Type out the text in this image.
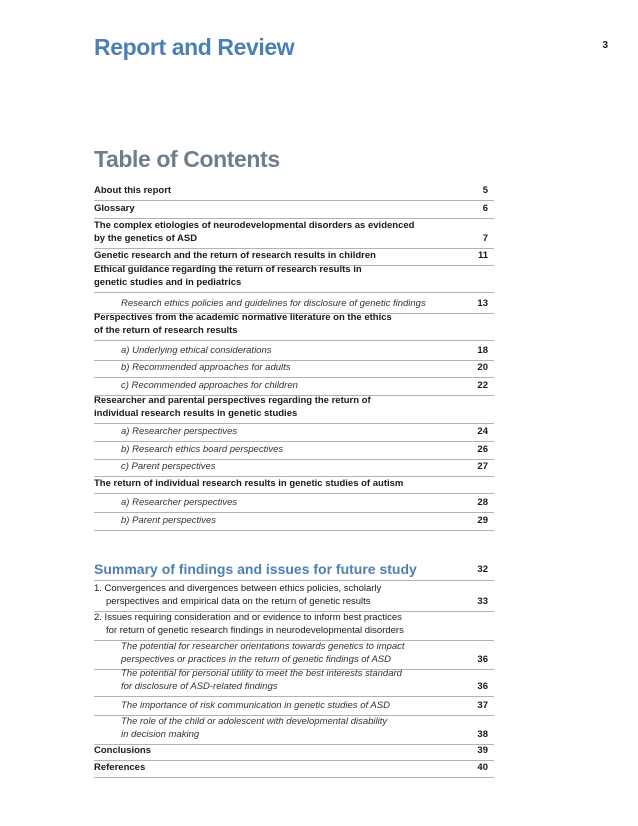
3
Report and Review
Table of Contents
About this report	5
Glossary	6
The complex etiologies of neurodevelopmental disorders as evidenced
by the genetics of ASD	7
Genetic research and the return of research results in children	11
Ethical guidance regarding the return of research results in
genetic studies and in pediatrics
Research ethics policies and guidelines for disclosure of genetic findings	13
Perspectives from the academic normative literature on the ethics
of the return of research results
a) Underlying ethical considerations	18
b) Recommended approaches for adults	20
c) Recommended approaches for children	22
Researcher and parental perspectives regarding the return of
individual research results in genetic studies
a) Researcher perspectives	24
b) Research ethics board perspectives	26
c) Parent perspectives	27
The return of individual research results in genetic studies of autism
a) Researcher perspectives	28
b) Parent perspectives	29
Summary of findings and issues for future study	32
1. Convergences and divergences between ethics policies, scholarly
perspectives and empirical data on the return of genetic results	33
2. Issues requiring consideration and or evidence to inform best practices
for return of genetic research findings in neurodevelopmental disorders
The potential for researcher orientations towards genetics to impact
perspectives or practices in the return of genetic findings of ASD	36
The potential for personal utility to meet the best interests standard
for disclosure of ASD-related findings	36
The importance of risk communication in genetic studies of ASD	37
The role of the child or adolescent with developmental disability
in decision making	38
Conclusions	39
References	40
